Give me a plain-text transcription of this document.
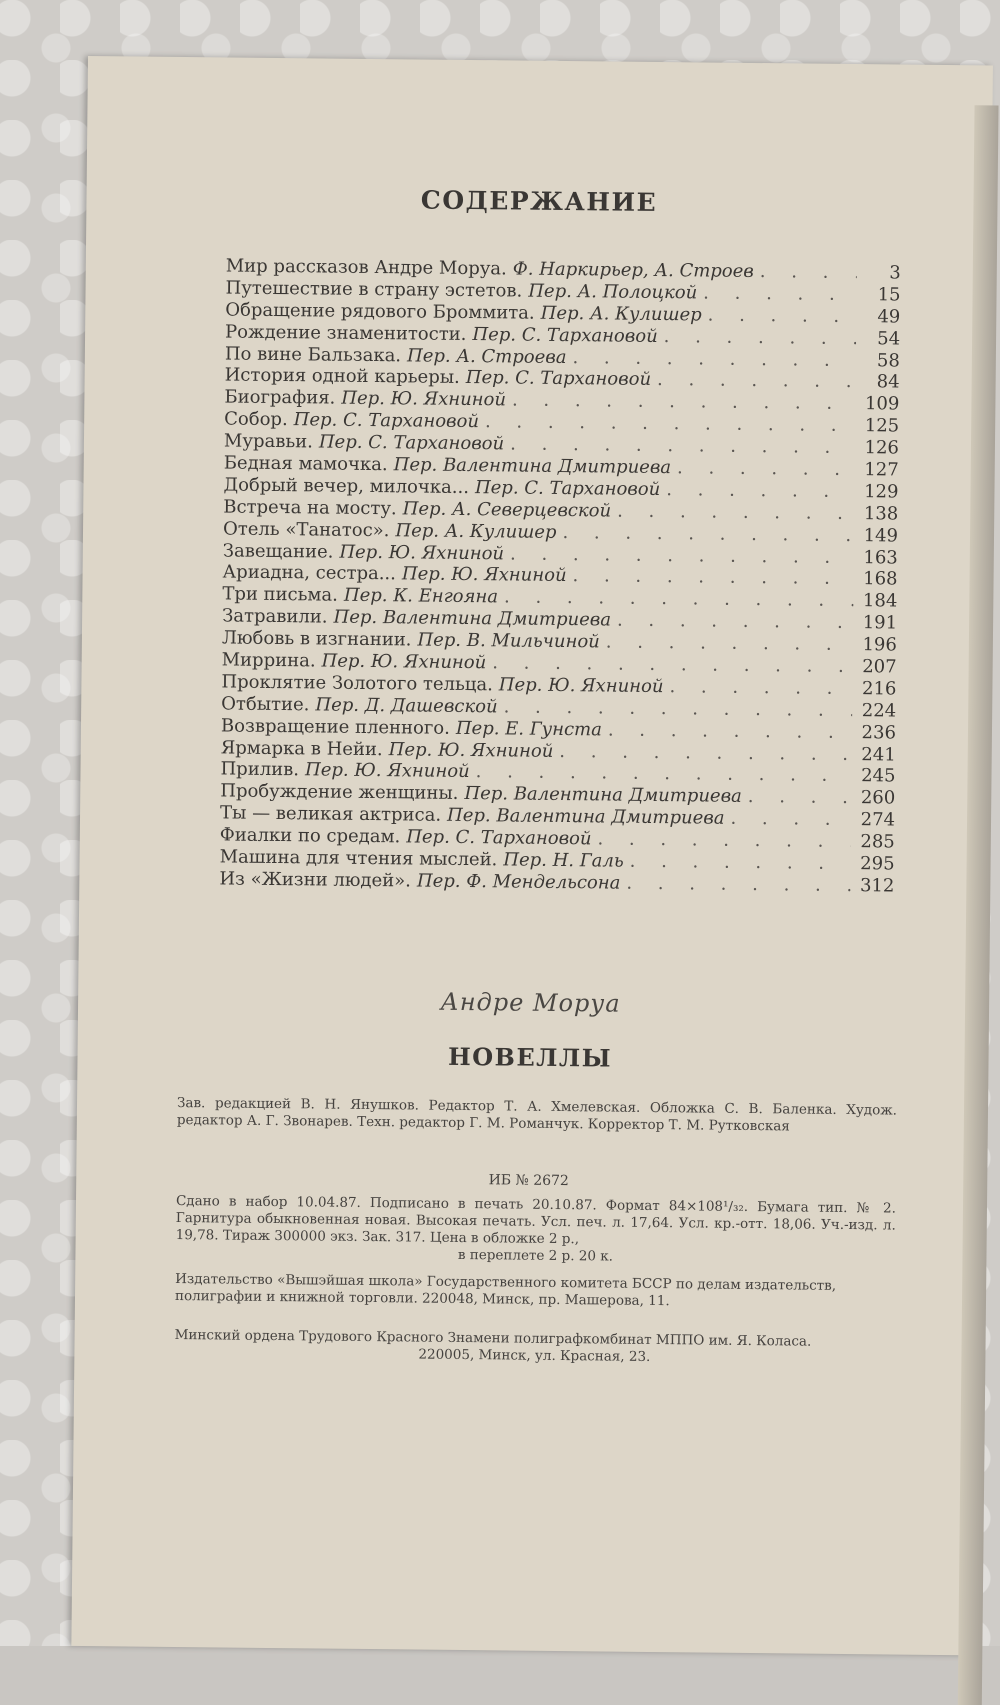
СОДЕРЖАНИЕ
Мир рассказов Андре Моруа. Ф. Наркирьер, А. Строев . . .	3
Путешествие в страну эстетов. Пер. А. Полоцкой . . .	15
Обращение рядового Броммита. Пер. А. Кулишер . . .	49
Рождение знаменитости. Пер. С. Тархановой . . .	54
По вине Бальзака. Пер. А. Строева . . .	58
История одной карьеры. Пер. С. Тархановой . . .	84
Биография. Пер. Ю. Яхниной . . .	109
Собор. Пер. С. Тархановой . . .	125
Муравьи. Пер. С. Тархановой . . .	126
Бедная мамочка. Пер. Валентина Дмитриева . . .	127
Добрый вечер, милочка... Пер. С. Тархановой . . .	129
Встреча на мосту. Пер. А. Северцевской . . .	138
Отель «Танатос». Пер. А. Кулишер . . .	149
Завещание. Пер. Ю. Яхниной . . .	163
Ариадна, сестра... Пер. Ю. Яхниной . . .	168
Три письма. Пер. К. Енгояна . . .	184
Затравили. Пер. Валентина Дмитриева . . .	191
Любовь в изгнании. Пер. В. Мильчиной . . .	196
Миррина. Пер. Ю. Яхниной . . .	207
Проклятие Золотого тельца. Пер. Ю. Яхниной . . .	216
Отбытие. Пер. Д. Дашевской . . .	224
Возвращение пленного. Пер. Е. Гунста . . .	236
Ярмарка в Нейи. Пер. Ю. Яхниной . . .	241
Прилив. Пер. Ю. Яхниной . . .	245
Пробуждение женщины. Пер. Валентина Дмитриева . . .	260
Ты — великая актриса. Пер. Валентина Дмитриева . . .	274
Фиалки по средам. Пер. С. Тархановой . . .	285
Машина для чтения мыслей. Пер. Н. Галь . . .	295
Из «Жизни людей». Пер. Ф. Мендельсона . . .	312
Андре Моруа
НОВЕЛЛЫ

Зав. редакцией В. Н. Янушков. Редактор Т. А. Хмелевская. Обложка С. В. Баленка. Худож. редактор А. Г. Звонарев. Техн. редактор Г. М. Романчук. Корректор Т. М. Рутковская

ИБ № 2672
Сдано в набор 10.04.87. Подписано в печать 20.10.87. Формат 84×108¹/₃₂. Бумага тип. № 2. Гарнитура обыкновенная новая. Высокая печать. Усл. печ. л. 17,64. Усл. кр.-отт. 18,06. Уч.-изд. л. 19,78. Тираж 300000 экз. Зак. 317. Цена в обложке 2 р.,
в переплете 2 р. 20 к.
Издательство «Вышэйшая школа» Государственного комитета БССР по делам издательств, полиграфии и книжной торговли. 220048, Минск, пр. Машерова, 11.
Минский ордена Трудового Красного Знамени полиграфкомбинат МППО им. Я. Коласа.
220005, Минск, ул. Красная, 23.
